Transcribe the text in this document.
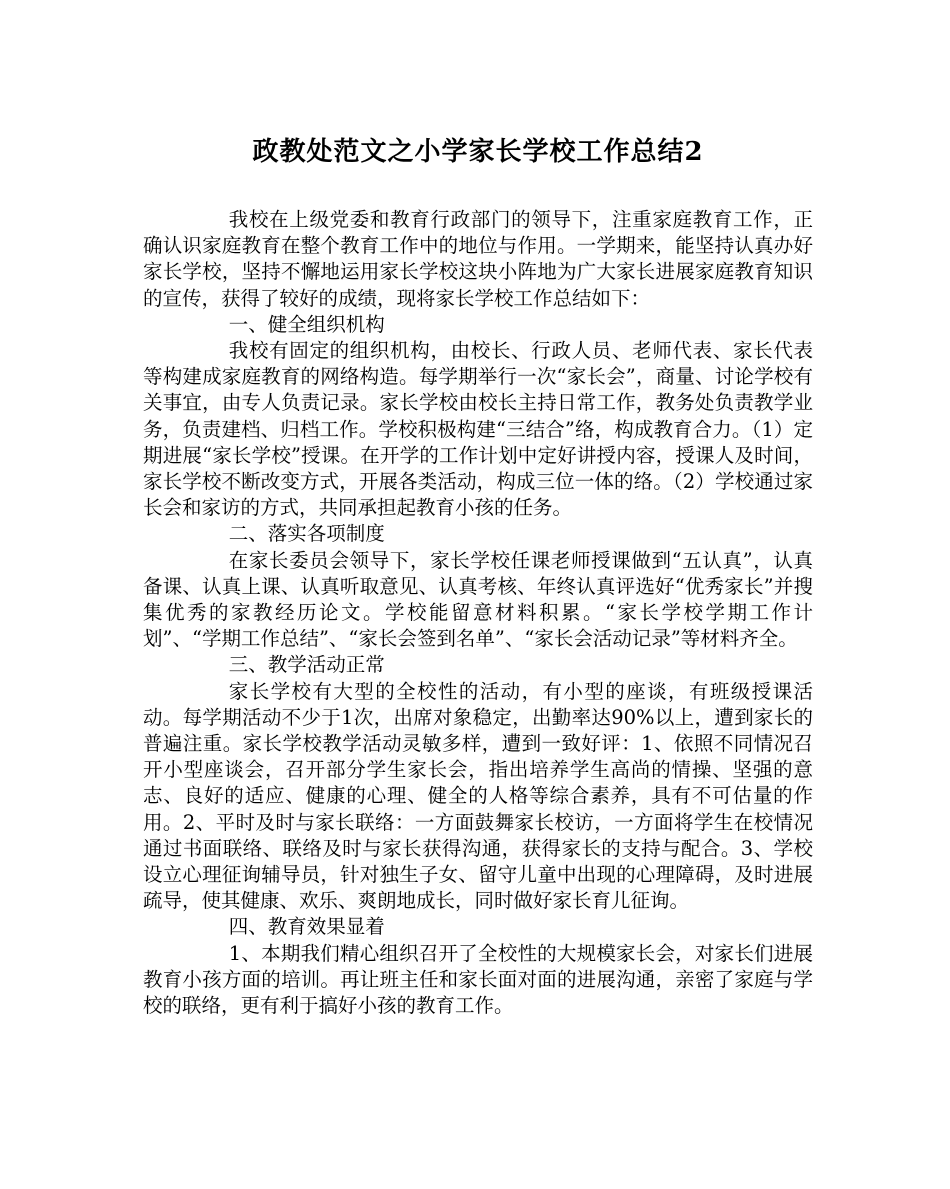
政教处范文之小学家长学校工作总结2

我校在上级党委和教育行政部门的领导下，注重家庭教育工作，正确认识家庭教育在整个教育工作中的地位与作用。一学期来，能坚持认真办好家长学校，坚持不懈地运用家长学校这块小阵地为广大家长进展家庭教育知识的宣传，获得了较好的成绩，现将家长学校工作总结如下：

一、健全组织机构

我校有固定的组织机构，由校长、行政人员、老师代表、家长代表等构建成家庭教育的网络构造。每学期举行一次“家长会”，商量、讨论学校有关事宜，由专人负责记录。家长学校由校长主持日常工作，教务处负责教学业务，负责建档、归档工作。学校积极构建“三结合”络，构成教育合力。（1）定期进展“家长学校”授课。在开学的工作计划中定好讲授内容，授课人及时间，家长学校不断改变方式，开展各类活动，构成三位一体的络。（2）学校通过家长会和家访的方式，共同承担起教育小孩的任务。

二、落实各项制度

在家长委员会领导下，家长学校任课老师授课做到“五认真”，认真备课、认真上课、认真听取意见、认真考核、年终认真评选好“优秀家长”并搜集优秀的家教经历论文。学校能留意材料积累。“家长学校学期工作计划”、“学期工作总结”、“家长会签到名单”、“家长会活动记录”等材料齐全。

三、教学活动正常

家长学校有大型的全校性的活动，有小型的座谈，有班级授课活动。每学期活动不少于1次，出席对象稳定，出勤率达90%以上，遭到家长的普遍注重。家长学校教学活动灵敏多样，遭到一致好评：1、依照不同情况召开小型座谈会，召开部分学生家长会，指出培养学生高尚的情操、坚强的意志、良好的适应、健康的心理、健全的人格等综合素养，具有不可估量的作用。2、平时及时与家长联络：一方面鼓舞家长校访，一方面将学生在校情况通过书面联络、联络及时与家长获得沟通，获得家长的支持与配合。3、学校设立心理征询辅导员，针对独生子女、留守儿童中出现的心理障碍，及时进展疏导，使其健康、欢乐、爽朗地成长，同时做好家长育儿征询。

四、教育效果显着

1、本期我们精心组织召开了全校性的大规模家长会，对家长们进展教育小孩方面的培训。再让班主任和家长面对面的进展沟通，亲密了家庭与学校的联络，更有利于搞好小孩的教育工作。
